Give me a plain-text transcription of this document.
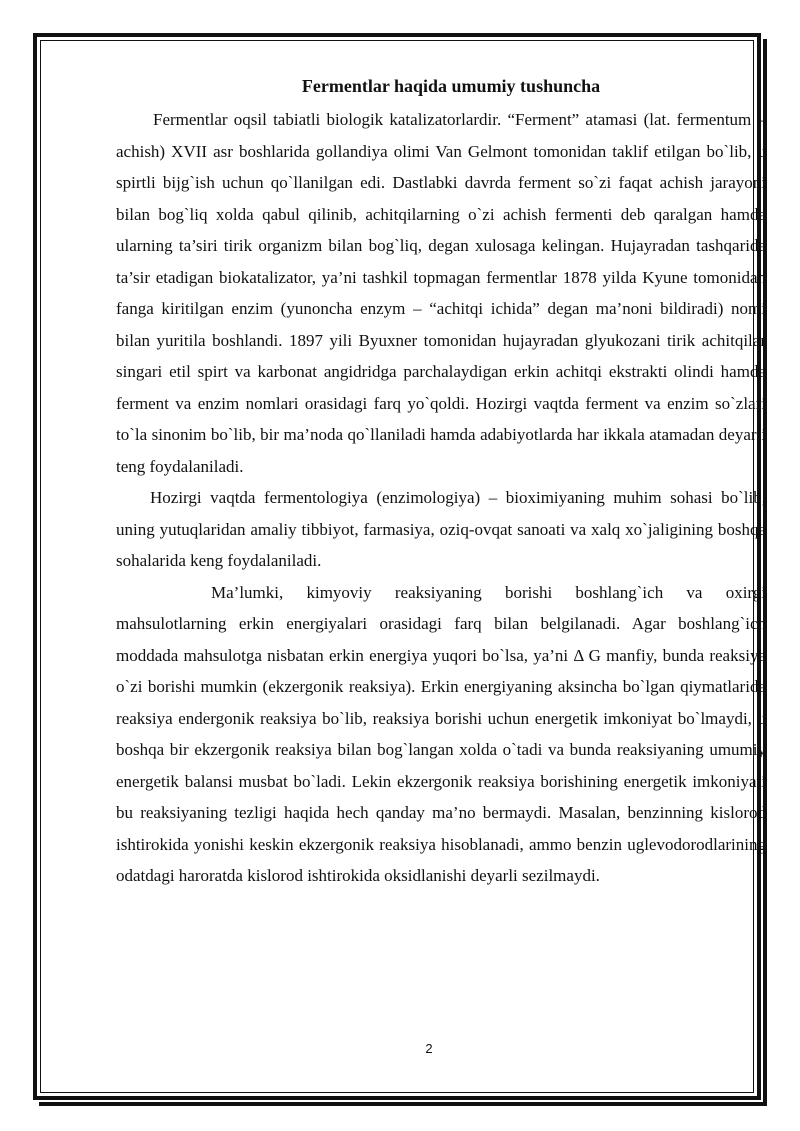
Fermentlar haqida umumiy tushuncha

Fermentlar oqsil tabiatli biologik katalizatorlardir. “Ferment” atamasi (lat. fermentum – achish) XVII asr boshlarida gollandiya olimi Van Gelmont tomonidan taklif etilgan bo`lib, u spirtli bijg`ish uchun qo`llanilgan edi. Dastlabki davrda ferment so`zi faqat achish jarayoni bilan bog`liq xolda qabul qilinib, achitqilarning o`zi achish fermenti deb qaralgan hamda ularning ta’siri tirik organizm bilan bog`liq, degan xulosaga kelingan. Hujayradan tashqarida ta’sir etadigan biokatalizator, ya’ni tashkil topmagan fermentlar 1878 yilda Kyune tomonidan fanga kiritilgan enzim (yunoncha enzym – “achitqi ichida” degan ma’noni bildiradi) nomi bilan yuritila boshlandi. 1897 yili Byuxner tomonidan hujayradan glyukozani tirik achitqilar singari etil spirt va karbonat angidridga parchalaydigan erkin achitqi ekstrakti olindi hamda ferment va enzim nomlari orasidagi farq yo`qoldi. Hozirgi vaqtda ferment va enzim so`zlari to`la sinonim bo`lib, bir ma’noda qo`llaniladi hamda adabiyotlarda har ikkala atamadan deyarli teng foydalaniladi.

Hozirgi vaqtda fermentologiya (enzimologiya) – bioximiyaning muhim sohasi bo`lib, uning yutuqlaridan amaliy tibbiyot, farmasiya, oziq-ovqat sanoati va xalq xo`jaligining boshqa sohalarida keng foydalaniladi.

Ma’lumki, kimyoviy reaksiyaning borishi boshlang`ich va oxirgi mahsulotlarning erkin energiyalari orasidagi farq bilan belgilanadi. Agar boshlang`ich moddada mahsulotga nisbatan erkin energiya yuqori bo`lsa, ya’ni Δ G manfiy, bunda reaksiya o`zi borishi mumkin (ekzergonik reaksiya). Erkin energiyaning aksincha bo`lgan qiymatlarida reaksiya endergonik reaksiya bo`lib, reaksiya borishi uchun energetik imkoniyat bo`lmaydi, u boshqa bir ekzergonik reaksiya bilan bog`langan xolda o`tadi va bunda reaksiyaning umumiy energetik balansi musbat bo`ladi. Lekin ekzergonik reaksiya borishining energetik imkoniyati bu reaksiyaning tezligi haqida hech qanday ma’no bermaydi. Masalan, benzinning kislorod ishtirokida yonishi keskin ekzergonik reaksiya hisoblanadi, ammo benzin uglevodorodlarining odatdagi haroratda kislorod ishtirokida oksidlanishi deyarli sezilmaydi.

2
